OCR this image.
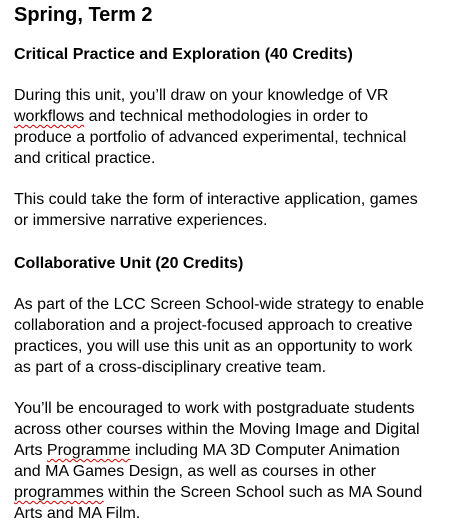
Spring, Term 2
Critical Practice and Exploration (40 Credits)

During this unit, you’ll draw on your knowledge of VR
workflows and technical methodologies in order to
produce a portfolio of advanced experimental, technical
and critical practice.

This could take the form of interactive application, games
or immersive narrative experiences.

Collaborative Unit (20 Credits)

As part of the LCC Screen School-wide strategy to enable
collaboration and a project-focused approach to creative
practices, you will use this unit as an opportunity to work
as part of a cross-disciplinary creative team.

You’ll be encouraged to work with postgraduate students
across other courses within the Moving Image and Digital
Arts Programme including MA 3D Computer Animation
and MA Games Design, as well as courses in other
programmes within the Screen School such as MA Sound
Arts and MA Film.
